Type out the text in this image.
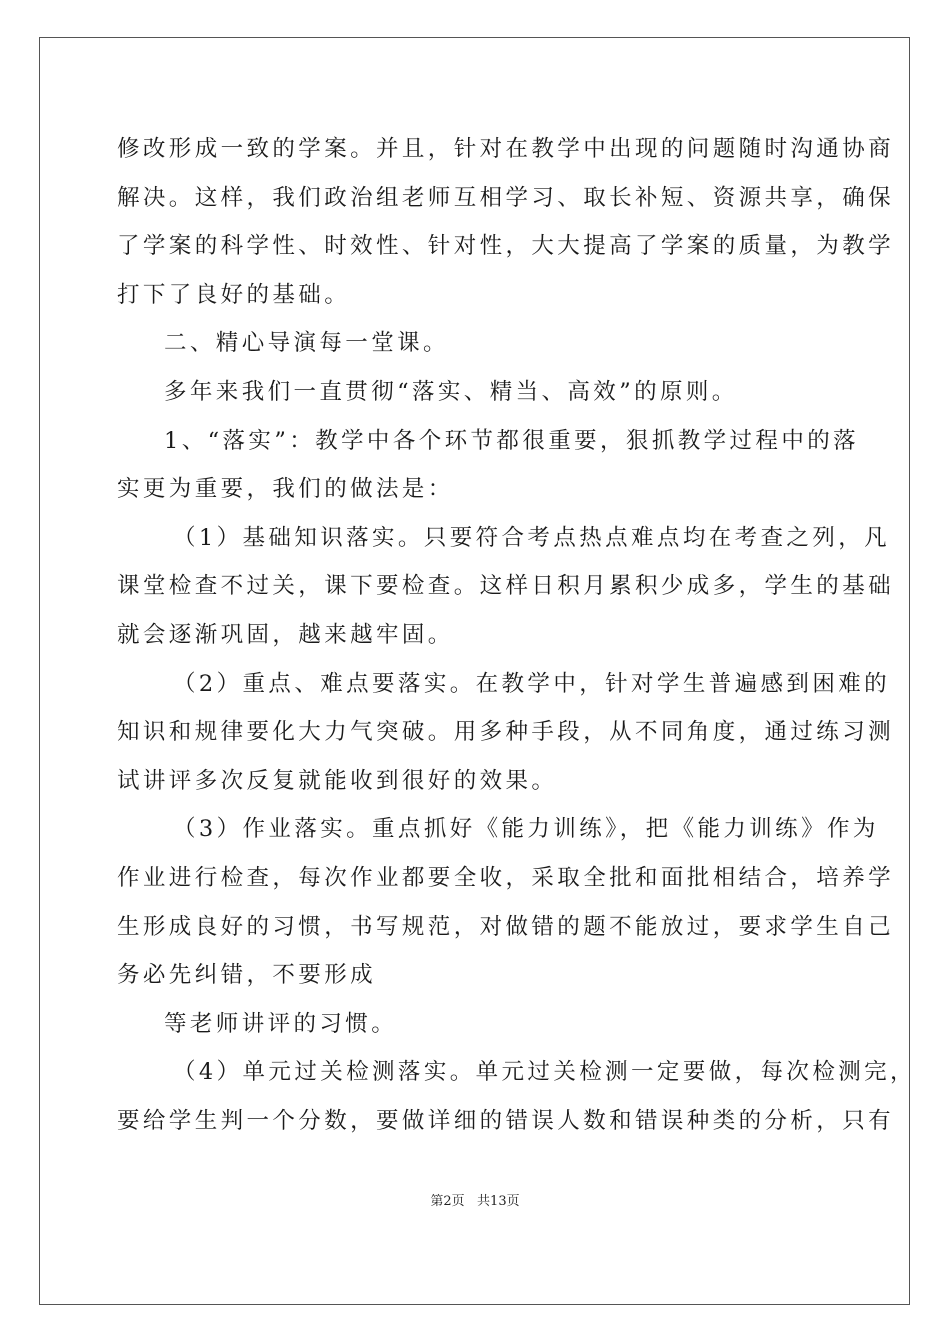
修改形成一致的学案。并且，针对在教学中出现的问题随时沟通协商
解决。这样，我们政治组老师互相学习、取长补短、资源共享，确保
了学案的科学性、时效性、针对性，大大提高了学案的质量，为教学
打下了良好的基础。
二、精心导演每一堂课。
多年来我们一直贯彻“落实、精当、高效”的原则。
1、“落实”：教学中各个环节都很重要，狠抓教学过程中的落
实更为重要，我们的做法是：
（1）基础知识落实。只要符合考点热点难点均在考查之列，凡
课堂检查不过关，课下要检查。这样日积月累积少成多，学生的基础
就会逐渐巩固，越来越牢固。
（2）重点、难点要落实。在教学中，针对学生普遍感到困难的
知识和规律要化大力气突破。用多种手段，从不同角度，通过练习测
试讲评多次反复就能收到很好的效果。
（3）作业落实。重点抓好《能力训练》，把《能力训练》作为
作业进行检查，每次作业都要全收，采取全批和面批相结合，培养学
生形成良好的习惯，书写规范，对做错的题不能放过，要求学生自己
务必先纠错，不要形成
等老师讲评的习惯。
（4）单元过关检测落实。单元过关检测一定要做，每次检测完，
要给学生判一个分数，要做详细的错误人数和错误种类的分析，只有
第2页   共13页
